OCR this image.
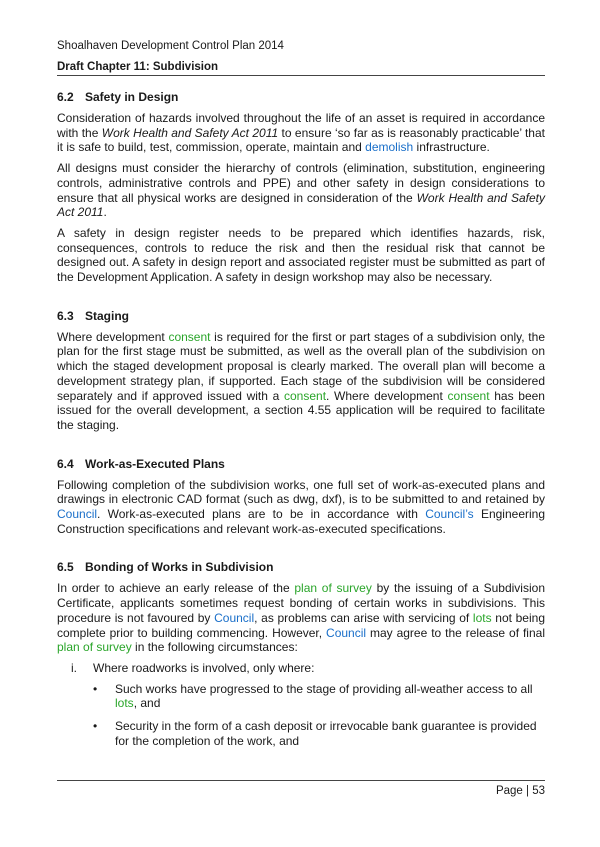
Shoalhaven Development Control Plan 2014
Draft Chapter 11: Subdivision
6.2 Safety in Design

Consideration of hazards involved throughout the life of an asset is required in accordance with the Work Health and Safety Act 2011 to ensure ‘so far as is reasonably practicable’ that it is safe to build, test, commission, operate, maintain and demolish infrastructure.

All designs must consider the hierarchy of controls (elimination, substitution, engineering controls, administrative controls and PPE) and other safety in design considerations to ensure that all physical works are designed in consideration of the Work Health and Safety Act 2011.

A safety in design register needs to be prepared which identifies hazards, risk, consequences, controls to reduce the risk and then the residual risk that cannot be designed out. A safety in design report and associated register must be submitted as part of the Development Application. A safety in design workshop may also be necessary.

6.3 Staging

Where development consent is required for the first or part stages of a subdivision only, the plan for the first stage must be submitted, as well as the overall plan of the subdivision on which the staged development proposal is clearly marked. The overall plan will become a development strategy plan, if supported. Each stage of the subdivision will be considered separately and if approved issued with a consent. Where development consent has been issued for the overall development, a section 4.55 application will be required to facilitate the staging.

6.4 Work-as-Executed Plans

Following completion of the subdivision works, one full set of work-as-executed plans and drawings in electronic CAD format (such as dwg, dxf), is to be submitted to and retained by Council. Work-as-executed plans are to be in accordance with Council’s Engineering Construction specifications and relevant work-as-executed specifications.

6.5 Bonding of Works in Subdivision

In order to achieve an early release of the plan of survey by the issuing of a Subdivision Certificate, applicants sometimes request bonding of certain works in subdivisions. This procedure is not favoured by Council, as problems can arise with servicing of lots not being complete prior to building commencing. However, Council may agree to the release of final plan of survey in the following circumstances:

i.	Where roadworks is involved, only where:
•
Such works have progressed to the stage of providing all-weather access to all lots, and
•
Security in the form of a cash deposit or irrevocable bank guarantee is provided for the completion of the work, and
Page | 53
